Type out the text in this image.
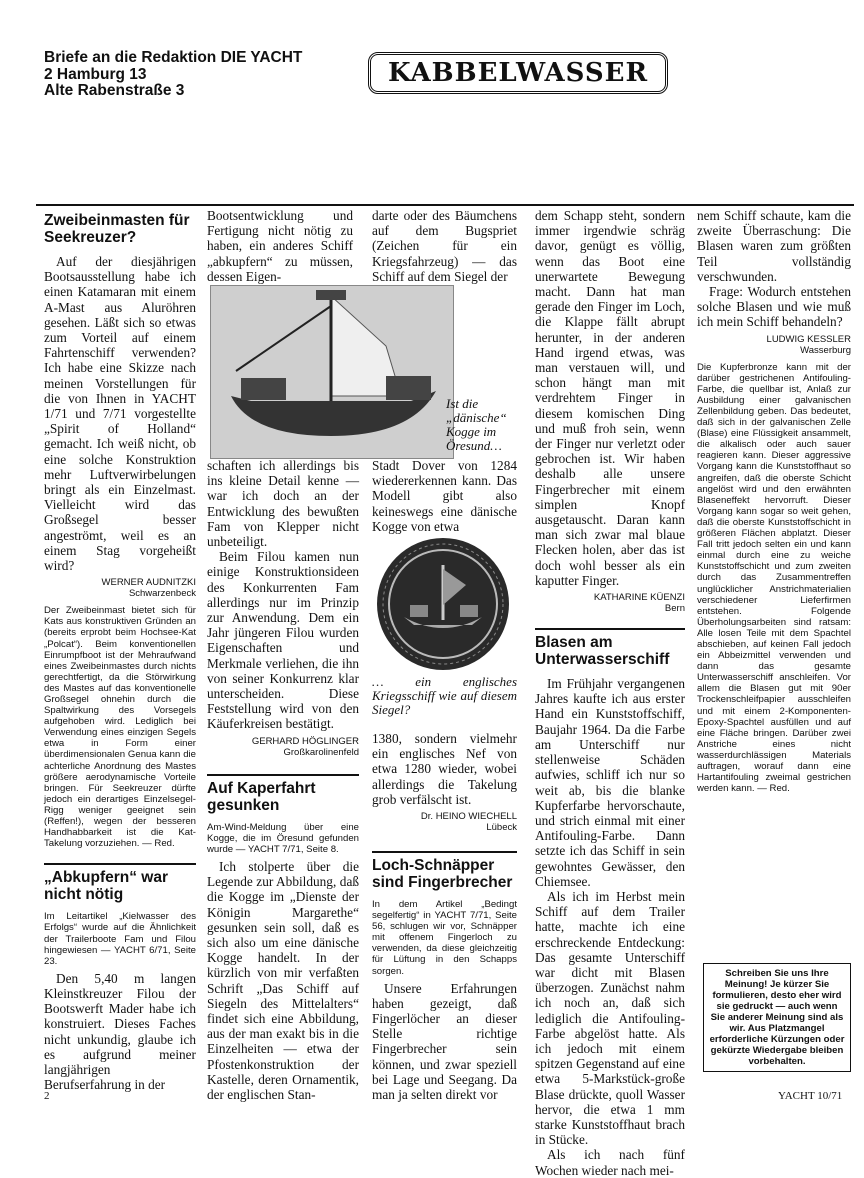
Briefe an die Redaktion DIE YACHT
2 Hamburg 13
Alte Rabenstraße 3
KABBELWASSER
Zweibeinmasten für Seekreuzer?

Auf der diesjährigen Bootsausstellung habe ich einen Katamaran mit einem A-Mast aus Aluröhren gesehen. Läßt sich so etwas zum Vorteil auf einem Fahrtenschiff verwenden? Ich habe eine Skizze nach meinen Vorstellungen für die von Ihnen in YACHT 1/71 und 7/71 vorgestellte „Spirit of Holland“ gemacht. Ich weiß nicht, ob eine solche Konstruktion mehr Luftverwirbelungen bringt als ein Einzelmast. Vielleicht wird das Großsegel besser angeströmt, weil es an einem Stag vorgeheißt wird?

WERNER AUDNITZKI
Schwarzenbeck
Der Zweibeinmast bietet sich für Kats aus konstruktiven Gründen an (bereits erprobt beim Hochsee-Kat „Polcat“). Beim konventionellen Einrumpfboot ist der Mehraufwand eines Zweibeinmastes durch nichts gerechtfertigt, da die Störwirkung des Mastes auf das konventionelle Großsegel ohnehin durch die Spaltwirkung des Vorsegels aufgehoben wird. Lediglich bei Verwendung eines einzigen Segels etwa in Form einer überdimensionalen Genua kann die achterliche Anordnung des Mastes größere aerodynamische Vorteile bringen. Für Seekreuzer dürfte jedoch ein derartiges Einzelsegel-Rigg weniger geeignet sein (Reffen!), wegen der besseren Handhabbarkeit ist die Kat-Takelung vorzuziehen. — Red.
„Abkupfern“ war nicht nötig
Im Leitartikel „Kielwasser des Erfolgs“ wurde auf die Ähnlichkeit der Trailerboote Fam und Filou hingewiesen — YACHT 6/71, Seite 23.

Den 5,40 m langen Kleinstkreuzer Filou der Bootswerft Mader habe ich konstruiert. Dieses Faches nicht unkundig, glaube ich es aufgrund meiner langjährigen Berufserfahrung in der

Bootsentwicklung und Fertigung nicht nötig zu haben, ein anderes Schiff „abkupfern“ zu müssen, dessen Eigen-

darte oder des Bäumchens auf dem Bugspriet (Zeichen für ein Kriegsfahrzeug) — das Schiff auf dem Siegel der

Ist die „dänische“ Kogge im Öresund…

schaften ich allerdings bis ins kleine Detail kenne — war ich doch an der Entwicklung des bewußten Fam von Klepper nicht unbeteiligt.

Beim Filou kamen nun einige Konstruktionsideen des Konkurrenten Fam allerdings nur im Prinzip zur Anwendung. Dem ein Jahr jüngeren Filou wurden Eigenschaften und Merkmale verliehen, die ihn von seiner Konkurrenz klar unterscheiden. Diese Feststellung wird von den Käuferkreisen bestätigt.

GERHARD HÖGLINGER
Großkarolinenfeld
Auf Kaperfahrt gesunken
Am-Wind-Meldung über eine Kogge, die im Öresund gefunden wurde — YACHT 7/71, Seite 8.

Ich stolperte über die Legende zur Abbildung, daß die Kogge im „Dienste der Königin Margarethe“ gesunken sein soll, daß es sich also um eine dänische Kogge handelt. In der kürzlich von mir verfaßten Schrift „Das Schiff auf Siegeln des Mittelalters“ findet sich eine Abbildung, aus der man exakt bis in die Einzelheiten — etwa der Pfostenkonstruktion der Kastelle, deren Ornamentik, der englischen Stan-

Stadt Dover von 1284 wiedererkennen kann. Das Modell gibt also keineswegs eine dänische Kogge von etwa

… ein englisches Kriegsschiff wie auf diesem Siegel?

1380, sondern vielmehr ein englisches Nef von etwa 1280 wieder, wobei allerdings die Takelung grob verfälscht ist.

Dr. HEINO WIECHELL
Lübeck
Loch-Schnäpper sind Fingerbrecher
In dem Artikel „Bedingt segelfertig“ in YACHT 7/71, Seite 56, schlugen wir vor, Schnäpper mit offenem Fingerloch zu verwenden, da diese gleichzeitig für Lüftung in den Schapps sorgen.

Unsere Erfahrungen haben gezeigt, daß Fingerlöcher an dieser Stelle richtige Fingerbrecher sein können, und zwar speziell bei Lage und Seegang. Da man ja selten direkt vor

dem Schapp steht, sondern immer irgendwie schräg davor, genügt es völlig, wenn das Boot eine unerwartete Bewegung macht. Dann hat man gerade den Finger im Loch, die Klappe fällt abrupt herunter, in der anderen Hand irgend etwas, was man verstauen will, und schon hängt man mit verdrehtem Finger in diesem komischen Ding und muß froh sein, wenn der Finger nur verletzt oder gebrochen ist. Wir haben deshalb alle unsere Fingerbrecher mit einem simplen Knopf ausgetauscht. Daran kann man sich zwar mal blaue Flecken holen, aber das ist doch wohl besser als ein kaputter Finger.

KATHARINE KÜENZI
Bern
Blasen am Unterwasserschiff

Im Frühjahr vergangenen Jahres kaufte ich aus erster Hand ein Kunststoffschiff, Baujahr 1964. Da die Farbe am Unterschiff nur stellenweise Schäden aufwies, schliff ich nur so weit ab, bis die blanke Kupferfarbe hervorschaute, und strich einmal mit einer Antifouling-Farbe. Dann setzte ich das Schiff in sein gewohntes Gewässer, den Chiemsee.

Als ich im Herbst mein Schiff auf dem Trailer hatte, machte ich eine erschreckende Entdeckung: Das gesamte Unterschiff war dicht mit Blasen überzogen. Zunächst nahm ich noch an, daß sich lediglich die Antifouling-Farbe abgelöst hatte. Als ich jedoch mit einem spitzen Gegenstand auf eine etwa 5-Markstück-große Blase drückte, quoll Wasser hervor, die etwa 1 mm starke Kunststoffhaut brach in Stücke.

Als ich nach fünf Wochen wieder nach mei-

nem Schiff schaute, kam die zweite Überraschung: Die Blasen waren zum größten Teil vollständig verschwunden.

Frage: Wodurch entstehen solche Blasen und wie muß ich mein Schiff behandeln?

LUDWIG KESSLER
Wasserburg
Die Kupferbronze kann mit der darüber gestrichenen Antifouling-Farbe, die quellbar ist, Anlaß zur Ausbildung einer galvanischen Zellenbildung geben. Das bedeutet, daß sich in der galvanischen Zelle (Blase) eine Flüssigkeit ansammelt, die alkalisch oder auch sauer reagieren kann. Dieser aggressive Vorgang kann die Kunststoffhaut so angreifen, daß die oberste Schicht angelöst wird und den erwähnten Blaseneffekt hervorruft. Dieser Vorgang kann sogar so weit gehen, daß die oberste Kunststoffschicht in größeren Flächen abplatzt. Dieser Fall tritt jedoch selten ein und kann einmal durch eine zu weiche Kunststoffschicht und zum zweiten durch das Zusammentreffen unglücklicher Anstrichmaterialien verschiedener Lieferfirmen entstehen. Folgende Überholungsarbeiten sind ratsam: Alle losen Teile mit dem Spachtel abschieben, auf keinen Fall jedoch ein Abbeizmittel verwenden und dann das gesamte Unterwasserschiff anschleifen. Vor allem die Blasen gut mit 90er Trockenschleifpapier ausschleifen und mit einem 2-Komponenten-Epoxy-Spachtel ausfüllen und auf eine Fläche bringen. Darüber zwei Anstriche eines nicht wasserdurchlässigen Materials auftragen, worauf dann eine Hartantifouling zweimal gestrichen werden kann. — Red.
Schreiben Sie uns Ihre Meinung! Je kürzer Sie formulieren, desto eher wird sie gedruckt — auch wenn Sie anderer Meinung sind als wir. Aus Platzmangel erforderliche Kürzungen oder gekürzte Wiedergabe bleiben vorbehalten.
2	YACHT 10/71
